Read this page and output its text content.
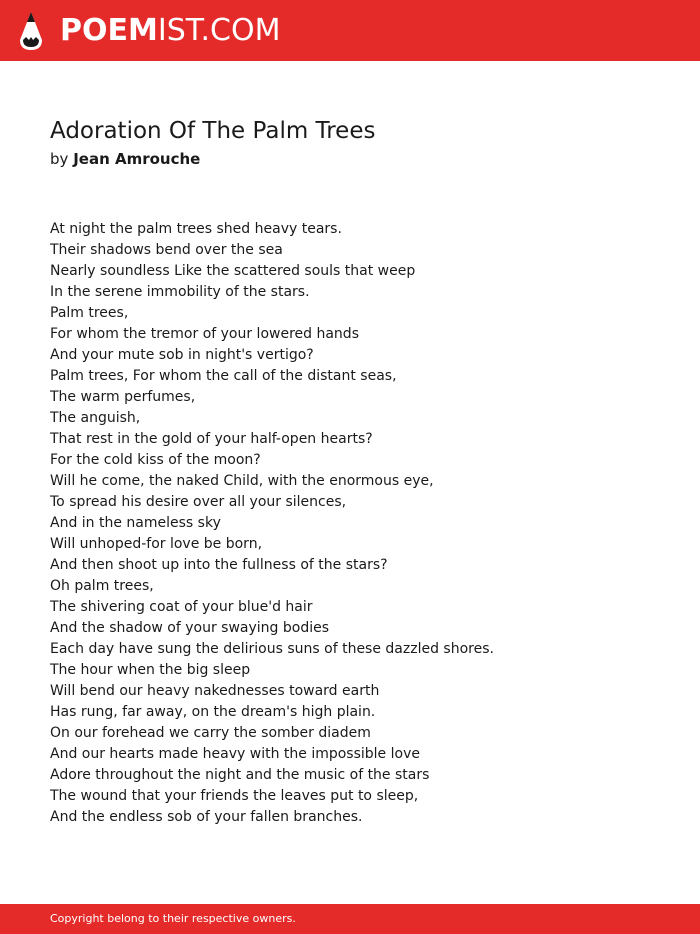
POEMIST.COM
Adoration Of The Palm Trees
by Jean Amrouche
At night the palm trees shed heavy tears.
Their shadows bend over the sea
Nearly soundless Like the scattered souls that weep
In the serene immobility of the stars.
Palm trees,
For whom the tremor of your lowered hands
And your mute sob in night's vertigo?
Palm trees, For whom the call of the distant seas,
The warm perfumes,
The anguish,
That rest in the gold of your half-open hearts?
For the cold kiss of the moon?
Will he come, the naked Child, with the enormous eye,
To spread his desire over all your silences,
And in the nameless sky
Will unhoped-for love be born,
And then shoot up into the fullness of the stars?
Oh palm trees,
The shivering coat of your blue'd hair
And the shadow of your swaying bodies
Each day have sung the delirious suns of these dazzled shores.
The hour when the big sleep
Will bend our heavy nakednesses toward earth
Has rung, far away, on the dream's high plain.
On our forehead we carry the somber diadem
And our hearts made heavy with the impossible love
Adore throughout the night and the music of the stars
The wound that your friends the leaves put to sleep,
And the endless sob of your fallen branches.
Copyright belong to their respective owners.
